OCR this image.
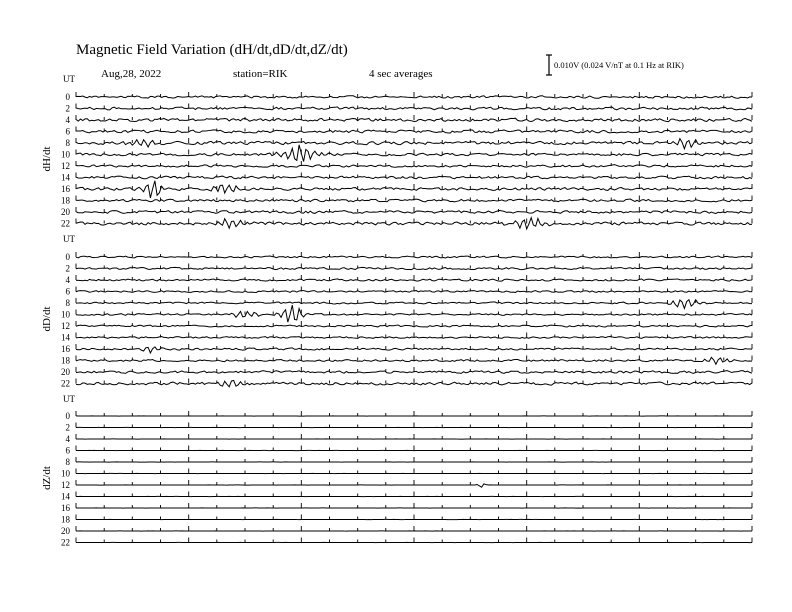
Magnetic Field Variation (dH/dt,dD/dt,dZ/dt)
Aug,28, 2022	station=RIK	4 sec averages
0.010V (0.024 V/nT at 0.1 Hz at RIK)
UT
dH/dt
0
2
4
6
8
10
12
14
16
18
20
22
UT
dD/dt
0
2
4
6
8
10
12
14
16
18
20
22
UT
dZ/dt
0
2
4
6
8
10
12
14
16
18
20
22
